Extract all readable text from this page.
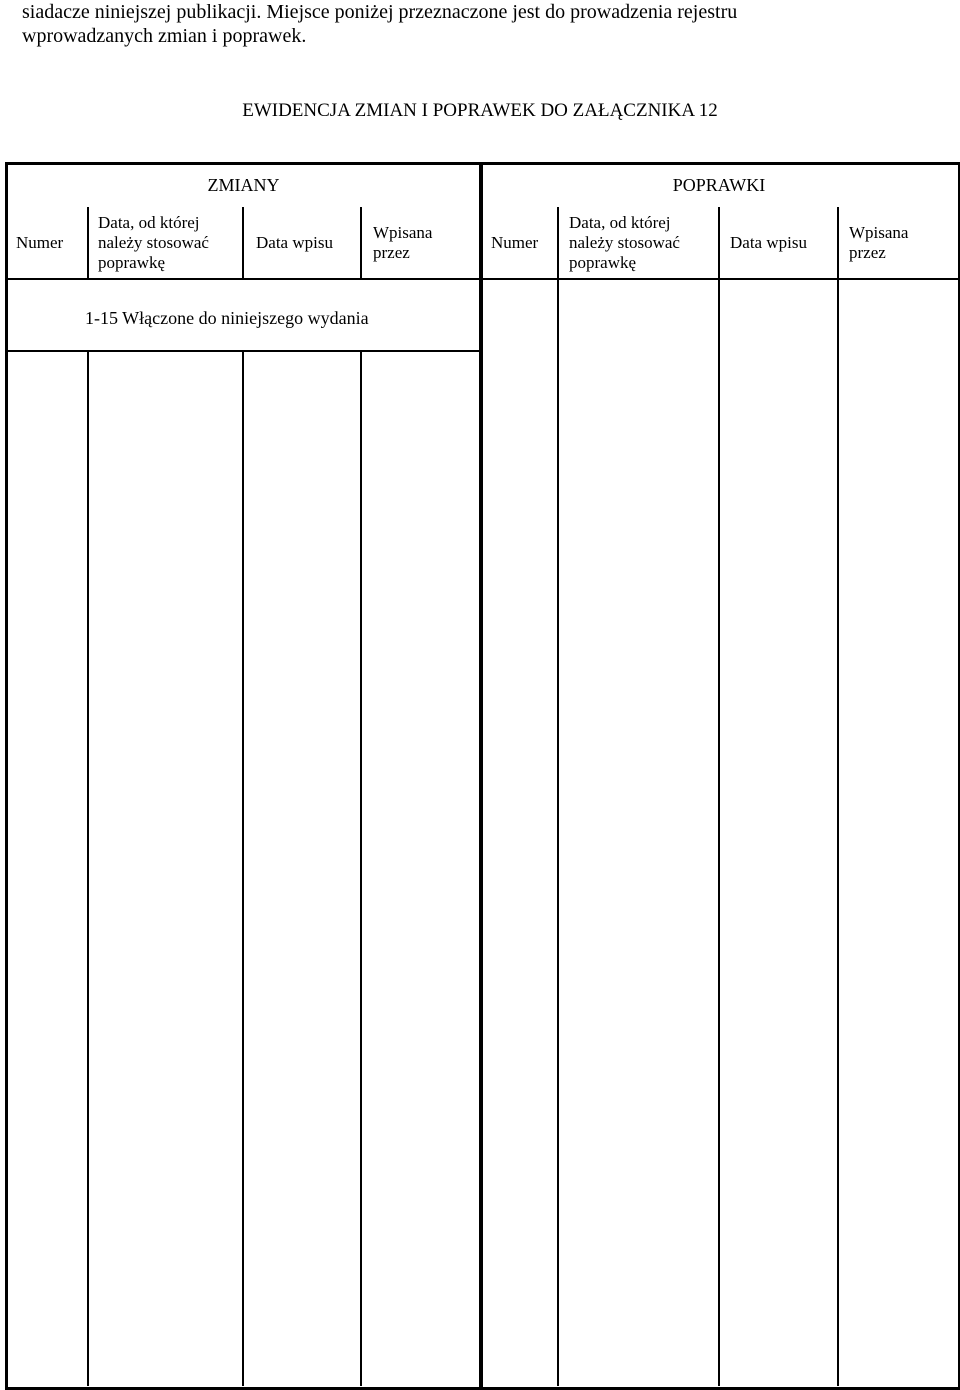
siadacze niniejszej publikacji. Miejsce poniżej przeznaczone jest do prowadzenia rejestru
wprowadzanych zmian i poprawek.
EWIDENCJA ZMIAN I POPRAWEK DO ZAŁĄCZNIKA 12
ZMIANY	POPRAWKI
Numer
Data, od której należy stosować poprawkę
Data wpisu
Wpisana przez
Numer
Data, od której należy stosować poprawkę
Data wpisu
Wpisana przez
1-15 Włączone do niniejszego wydania
